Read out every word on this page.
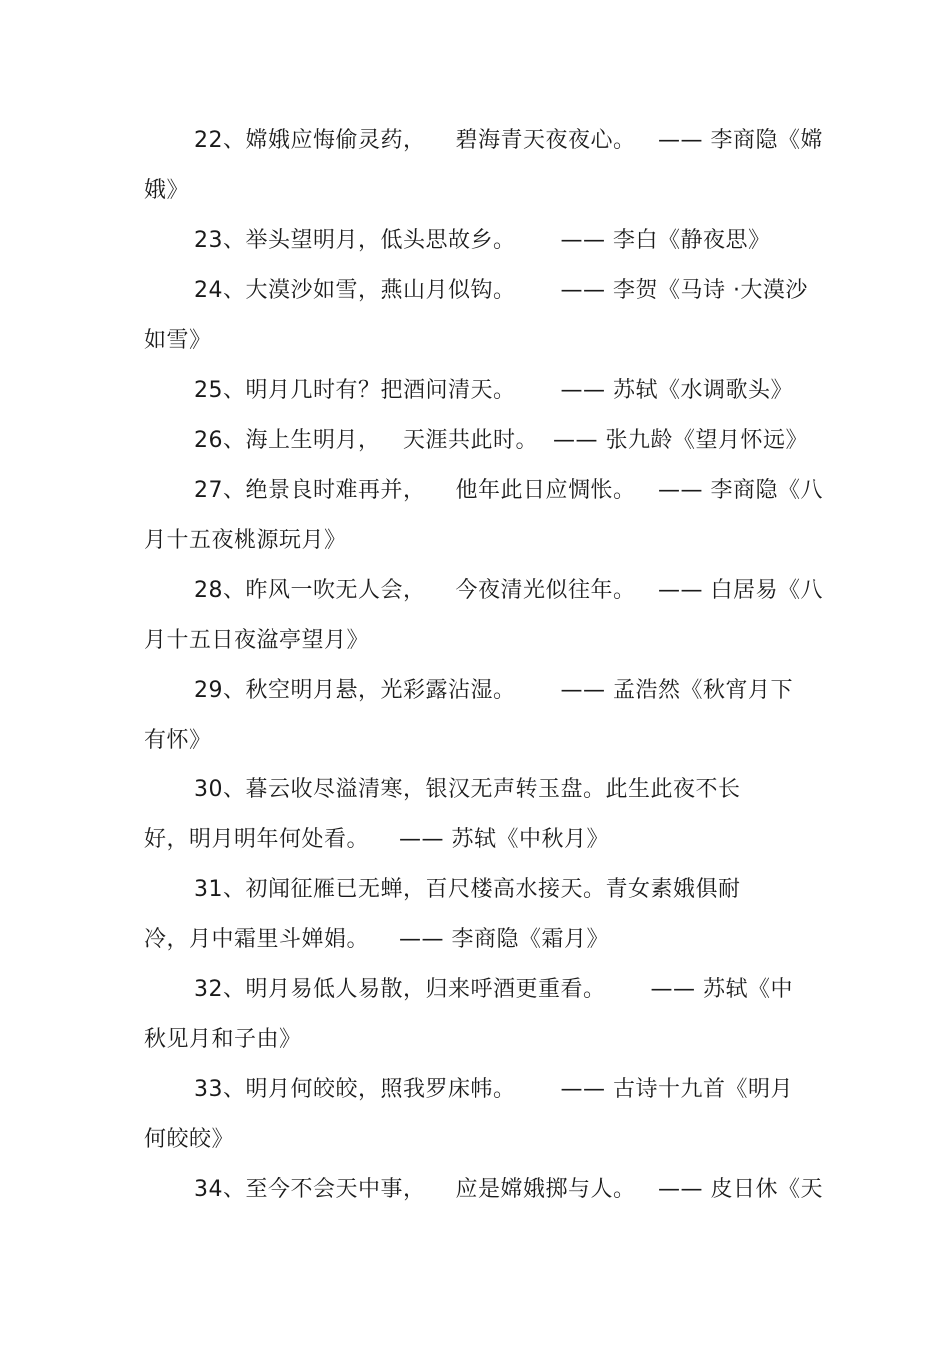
22、嫦娥应悔偷灵药，    碧海青天夜夜心。   —— 李商隐《嫦
娥》
23、举头望明月，低头思故乡。      —— 李白《静夜思》
24、大漠沙如雪，燕山月似钩。      —— 李贺《马诗 ·大漠沙
如雪》
25、明月几时有？把酒问清天。      —— 苏轼《水调歌头》
26、海上生明月，   天涯共此时。  —— 张九龄《望月怀远》
27、绝景良时难再并，    他年此日应惆怅。   —— 李商隐《八
月十五夜桃源玩月》
28、昨风一吹无人会，    今夜清光似往年。   —— 白居易《八
月十五日夜湓亭望月》
29、秋空明月悬，光彩露沾湿。      —— 孟浩然《秋宵月下
有怀》
30、暮云收尽溢清寒，银汉无声转玉盘。此生此夜不长
好，明月明年何处看。    —— 苏轼《中秋月》
31、初闻征雁已无蝉，百尺楼高水接天。青女素娥俱耐
冷，月中霜里斗婵娟。    —— 李商隐《霜月》
32、明月易低人易散，归来呼酒更重看。      —— 苏轼《中
秋见月和子由》
33、明月何皎皎，照我罗床帏。      —— 古诗十九首《明月
何皎皎》
34、至今不会天中事，    应是嫦娥掷与人。   —— 皮日休《天
